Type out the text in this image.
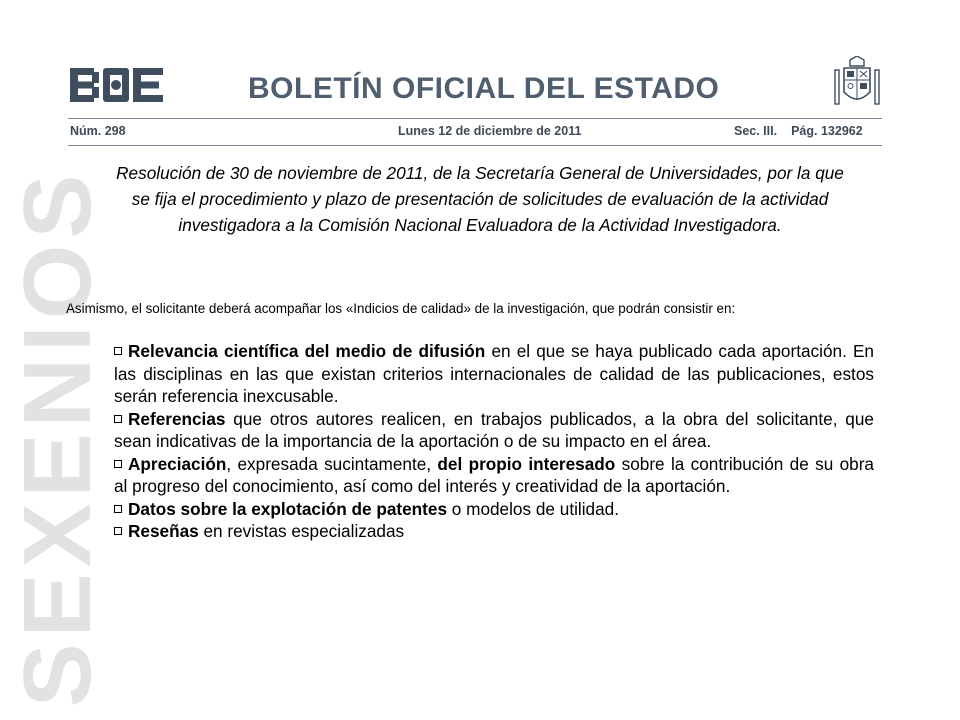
SEXENIOS
BOLETÍN OFICIAL DEL ESTADO
Núm. 298	Lunes 12 de diciembre de 2011	Sec. III. Pág. 132962
Resolución de 30 de noviembre de 2011, de la Secretaría General de Universidades, por la que se fija el procedimiento y plazo de presentación de solicitudes de evaluación de la actividad investigadora a la Comisión Nacional Evaluadora de la Actividad Investigadora.
Asimismo, el solicitante deberá acompañar los «Indicios de calidad» de la investigación, que podrán consistir en:
Relevancia científica del medio de difusión en el que se haya publicado cada aportación. En las disciplinas en las que existan criterios internacionales de calidad de las publicaciones, estos serán referencia inexcusable.
Referencias que otros autores realicen, en trabajos publicados, a la obra del solicitante, que sean indicativas de la importancia de la aportación o de su impacto en el área.
Apreciación, expresada sucintamente, del propio interesado sobre la contribución de su obra al progreso del conocimiento, así como del interés y creatividad de la aportación.
Datos sobre la explotación de patentes o modelos de utilidad.
Reseñas en revistas especializadas
